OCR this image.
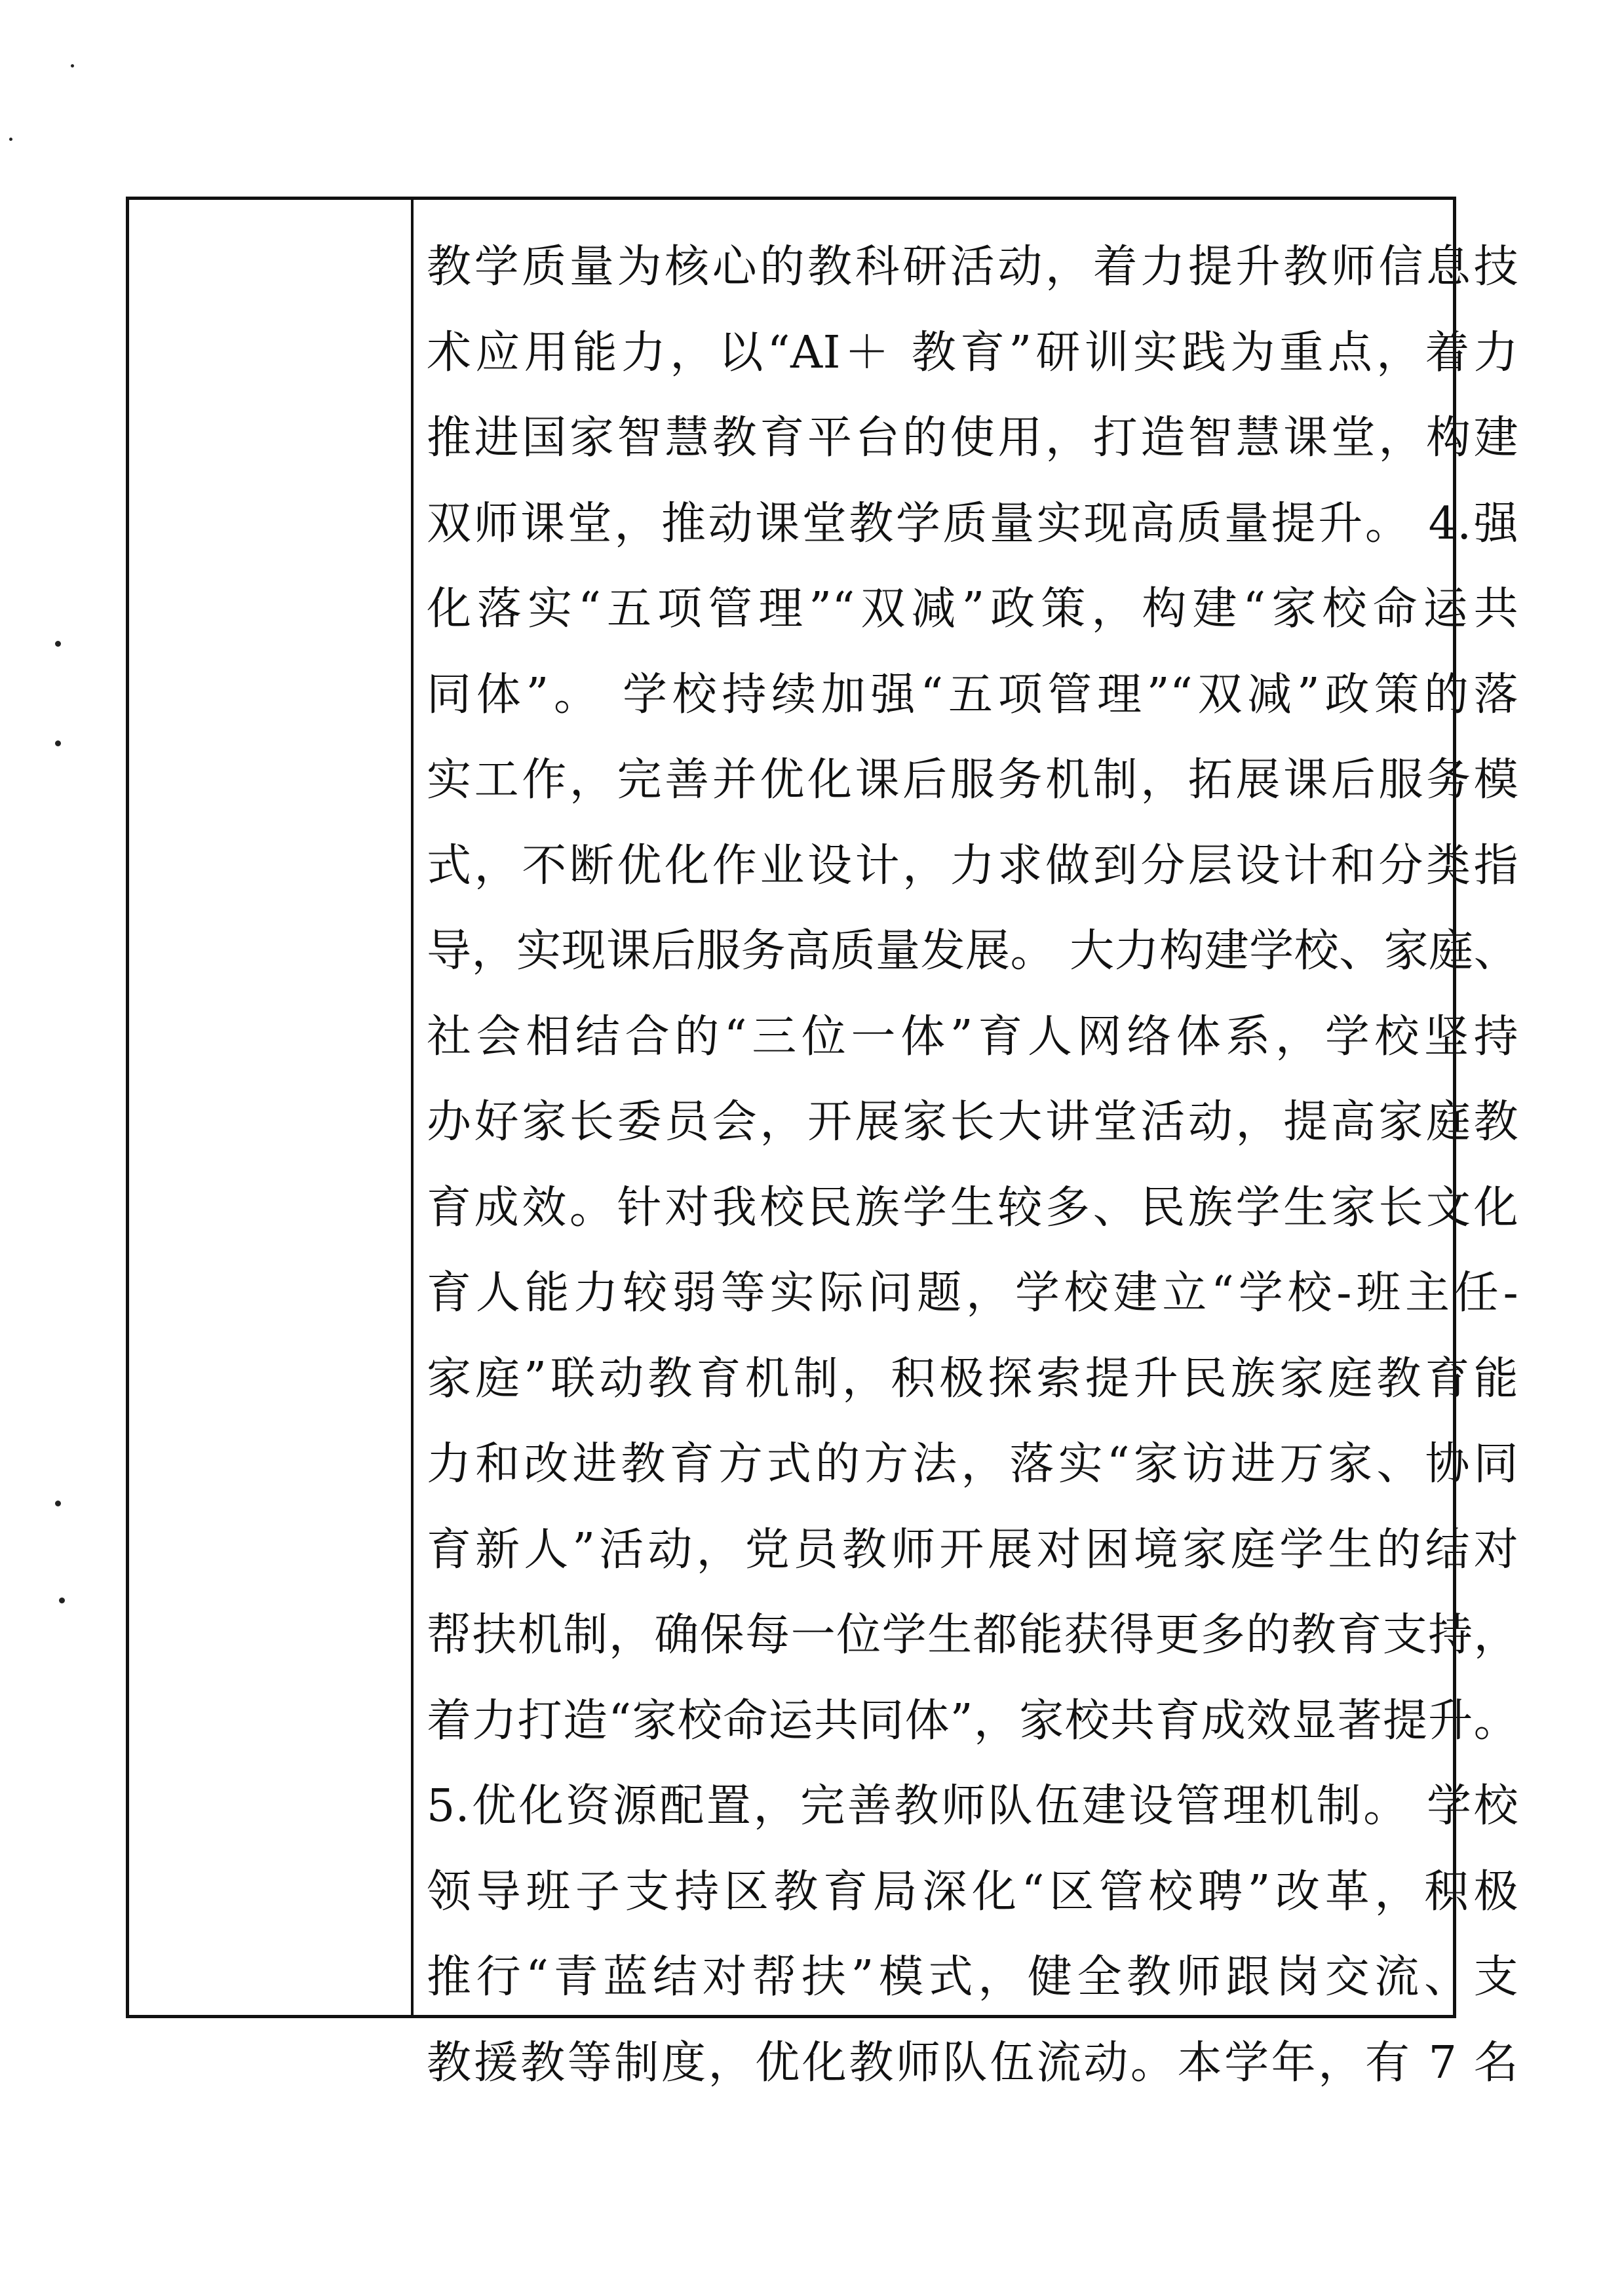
教学质量为核心的教科研活动，着力提升教师信息技
术应用能力，以“AI＋ 教育”研训实践为重点，着力
推进国家智慧教育平台的使用，打造智慧课堂，构建
双师课堂，推动课堂教学质量实现高质量提升。 4.强
化落实“五项管理”“双减”政策，构建“家校命运共
同体”。 学校持续加强“五项管理”“双减”政策的落
实工作，完善并优化课后服务机制，拓展课后服务模
式，不断优化作业设计，力求做到分层设计和分类指
导，实现课后服务高质量发展。 大力构建学校、家庭、
社会相结合的“三位一体”育人网络体系，学校坚持
办好家长委员会，开展家长大讲堂活动，提高家庭教
育成效。针对我校民族学生较多、民族学生家长文化
育人能力较弱等实际问题，学校建立“学校-班主任-
家庭”联动教育机制，积极探索提升民族家庭教育能
力和改进教育方式的方法，落实“家访进万家、协同
育新人”活动，党员教师开展对困境家庭学生的结对
帮扶机制，确保每一位学生都能获得更多的教育支持，
着力打造“家校命运共同体”，家校共育成效显著提升。
5.优化资源配置，完善教师队伍建设管理机制。 学校
领导班子支持区教育局深化“区管校聘”改革，积极
推行“青蓝结对帮扶”模式，健全教师跟岗交流、支
教援教等制度，优化教师队伍流动。本学年，有 7 名
